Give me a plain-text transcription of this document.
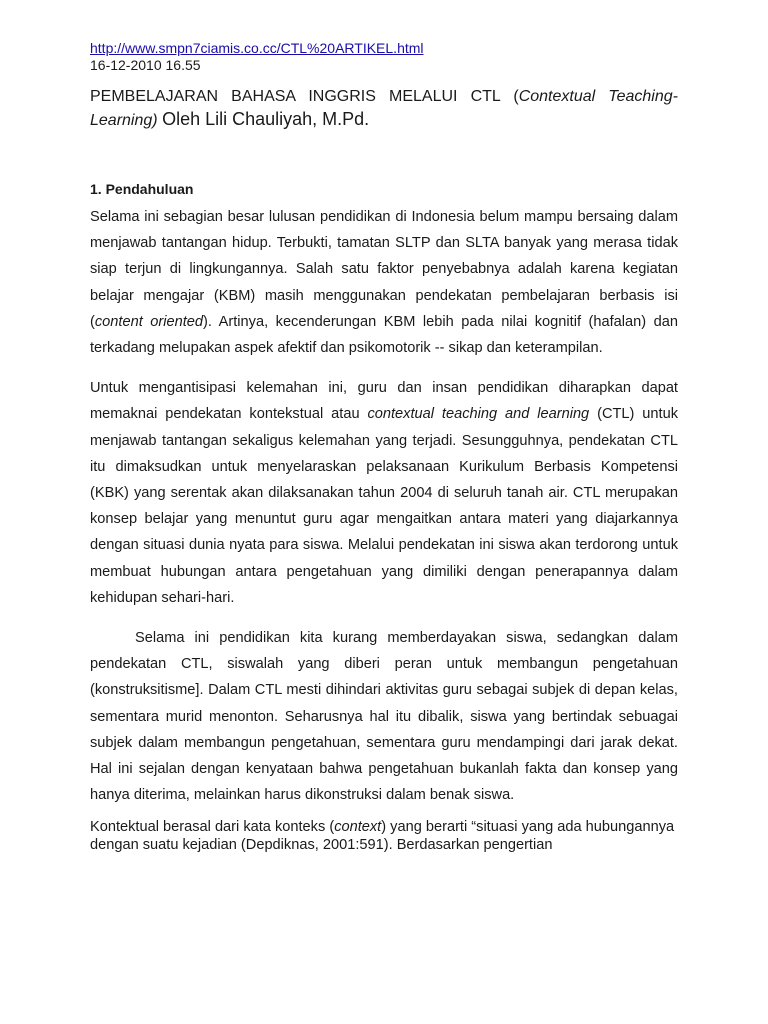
http://www.smpn7ciamis.co.cc/CTL%20ARTIKEL.html
16-12-2010 16.55
PEMBELAJARAN BAHASA INGGRIS MELALUI CTL (Contextual Teaching- Learning) Oleh Lili Chauliyah, M.Pd.
1. Pendahuluan

Selama ini sebagian besar lulusan pendidikan di Indonesia belum mampu bersaing dalam menjawab tantangan hidup. Terbukti, tamatan SLTP dan SLTA banyak yang merasa tidak siap terjun di lingkungannya. Salah satu faktor penyebabnya adalah karena kegiatan belajar mengajar (KBM) masih menggunakan pendekatan pembelajaran berbasis isi (content oriented). Artinya, kecenderungan KBM lebih pada nilai kognitif (hafalan) dan terkadang melupakan aspek afektif dan psikomotorik -- sikap dan keterampilan.

Untuk mengantisipasi kelemahan ini, guru dan insan pendidikan diharapkan dapat memaknai pendekatan kontekstual atau contextual teaching and learning (CTL) untuk menjawab tantangan sekaligus kelemahan yang terjadi. Sesungguhnya, pendekatan CTL itu dimaksudkan untuk menyelaraskan pelaksanaan Kurikulum Berbasis Kompetensi (KBK) yang serentak akan dilaksanakan tahun 2004 di seluruh tanah air. CTL merupakan konsep belajar yang menuntut guru agar mengaitkan antara materi yang diajarkannya dengan situasi dunia nyata para siswa. Melalui pendekatan ini siswa akan terdorong untuk membuat hubungan antara pengetahuan yang dimiliki dengan penerapannya dalam kehidupan sehari-hari.

Selama ini pendidikan kita kurang memberdayakan siswa, sedangkan dalam pendekatan CTL, siswalah yang diberi peran untuk membangun pengetahuan (konstruksitisme]. Dalam CTL mesti dihindari aktivitas guru sebagai subjek di depan kelas, sementara murid menonton. Seharusnya hal itu dibalik, siswa yang bertindak sebuagai subjek dalam membangun pengetahuan, sementara guru mendampingi dari jarak dekat. Hal ini sejalan dengan kenyataan bahwa pengetahuan bukanlah fakta dan konsep yang hanya diterima, melainkan harus dikonstruksi dalam benak siswa.

Kontektual berasal dari kata konteks (context) yang berarti “situasi yang ada hubungannya dengan suatu kejadian (Depdiknas, 2001:591). Berdasarkan pengertian
